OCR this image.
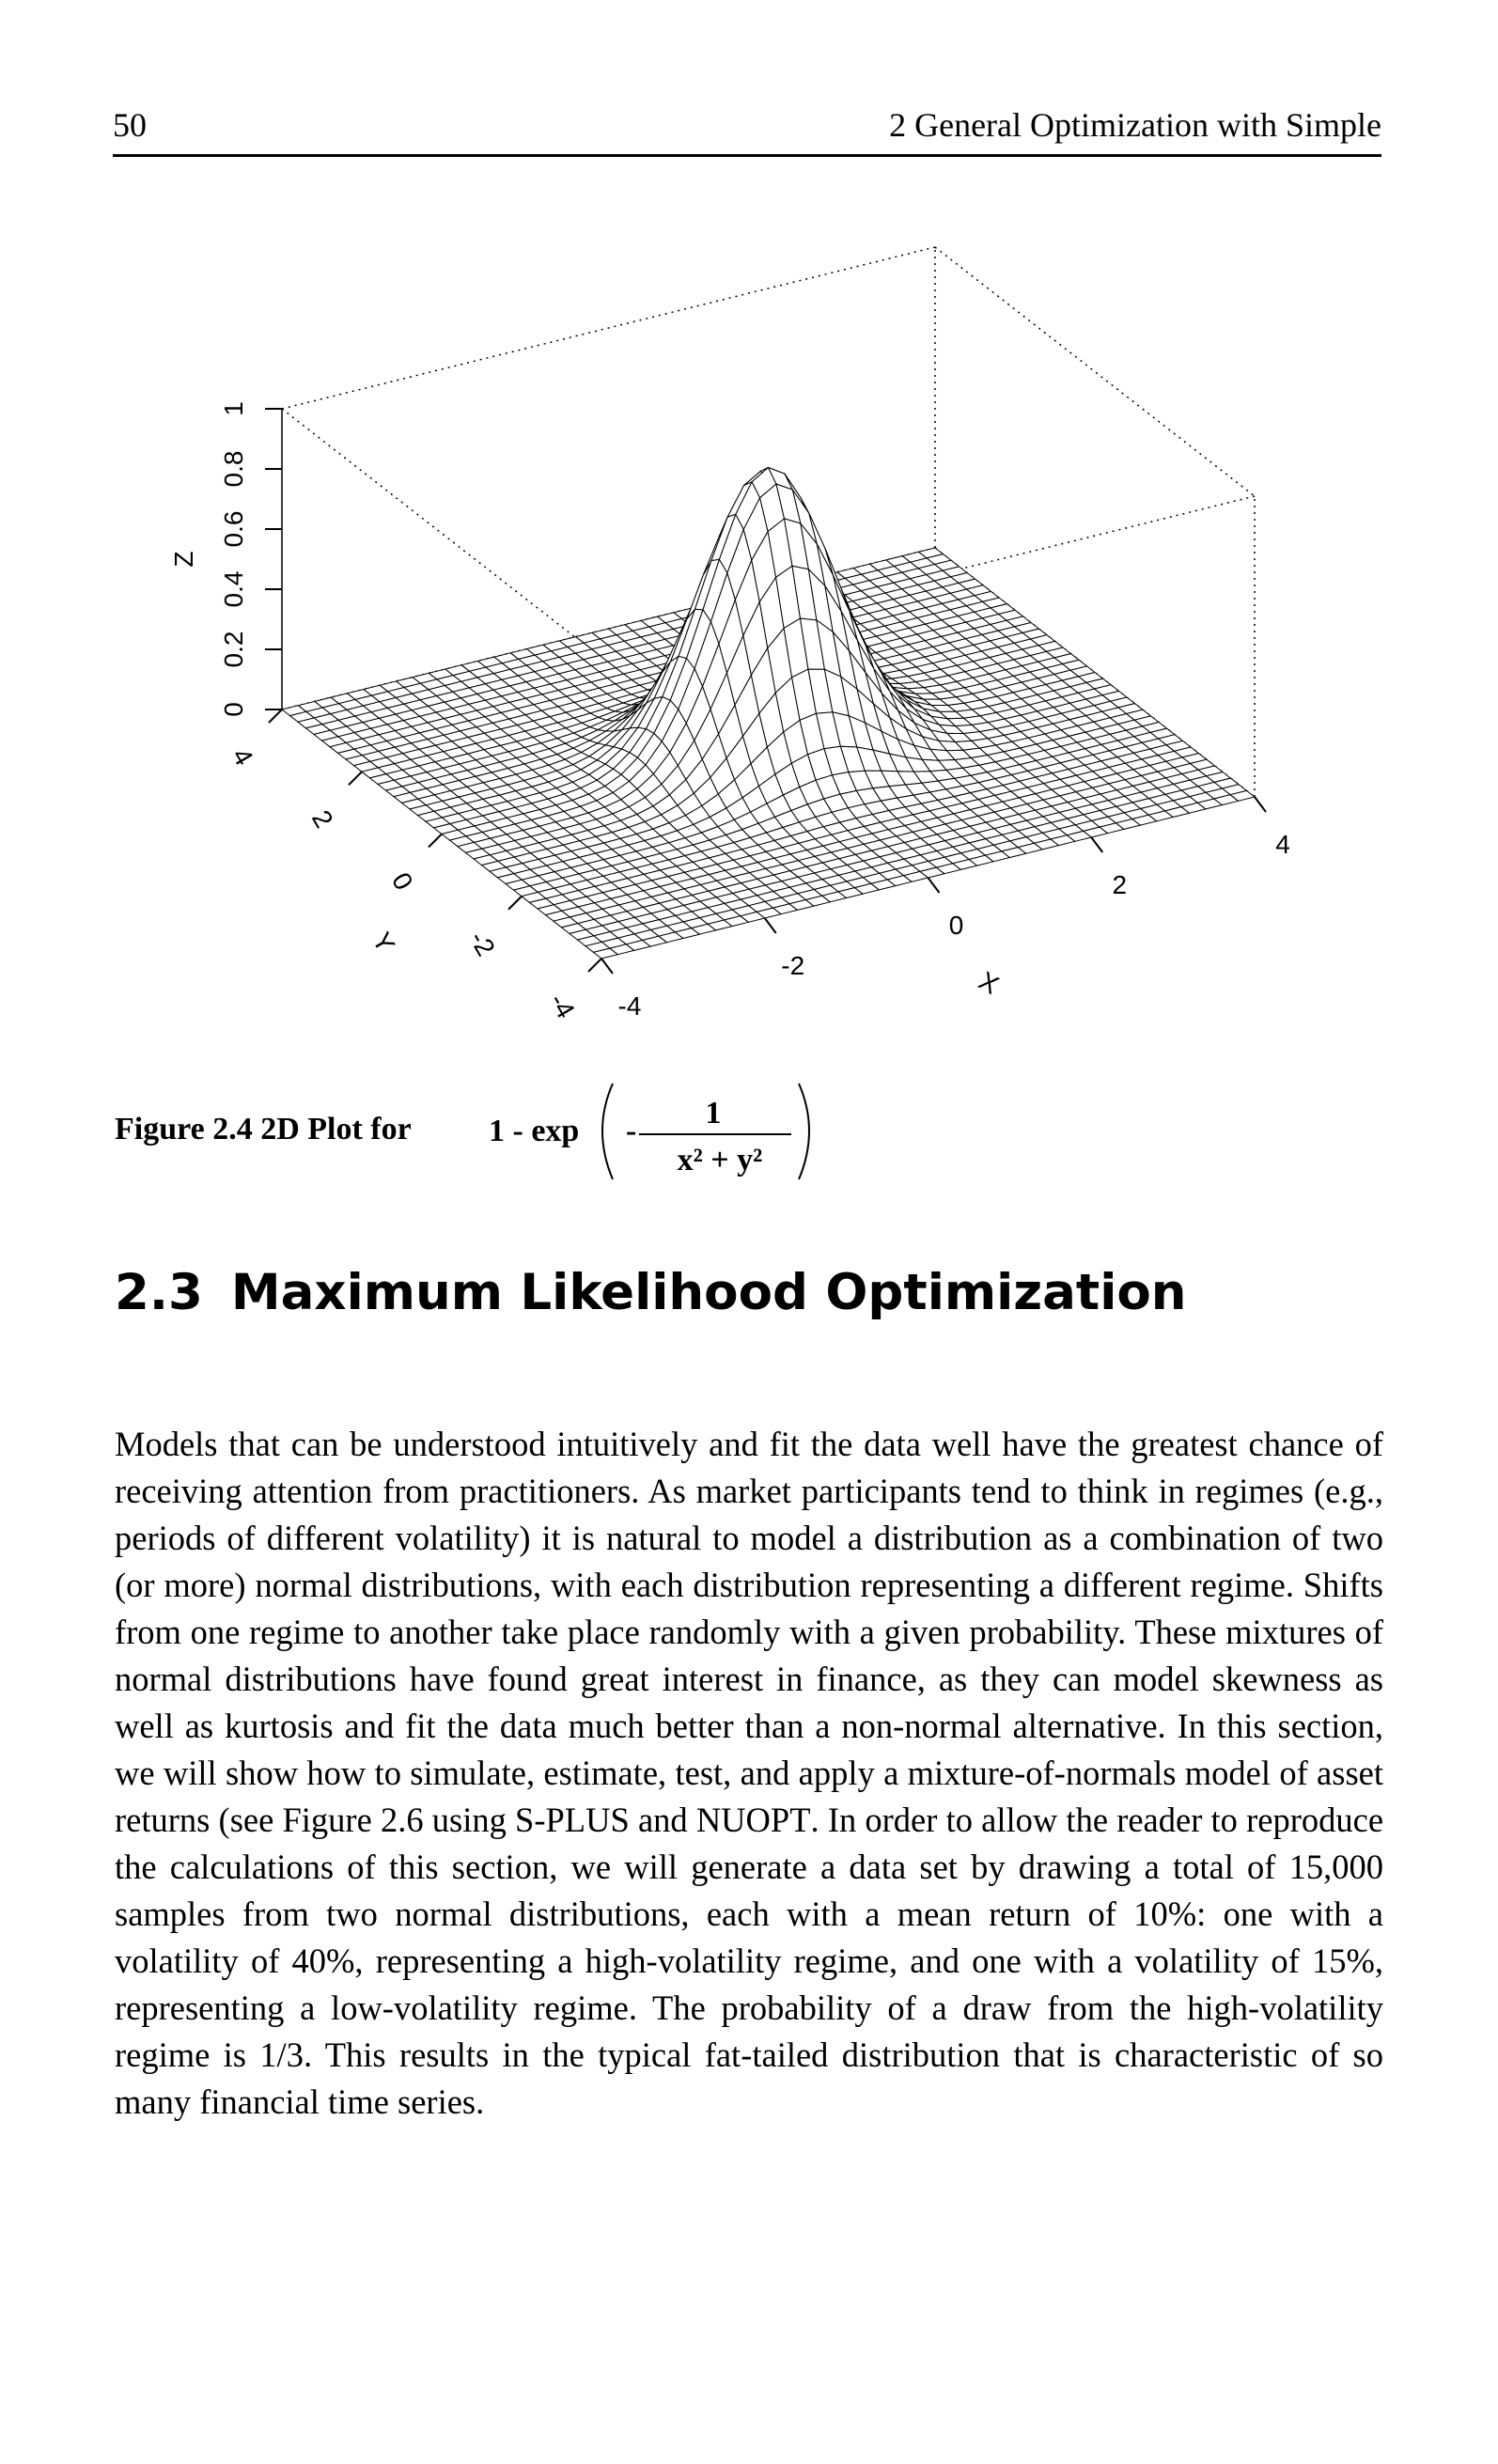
50	2 General Optimization with Simple
0
0.2
0.4
0.6
0.8
1
Z
4
2
0
-2
-4
Y
-4
-2
0
2
4
X
Figure 2.4 2D Plot for 1 - exp -
1
x² + y²
2.3 Maximum Likelihood Optimization
Models that can be understood intuitively and fit the data well have the greatest chance of receiving attention from practitioners. As market participants tend to think in regimes (e.g., periods of different volatility) it is natural to model a distribution as a combination of two (or more) normal distributions, with each distribution representing a different regime. Shifts from one regime to another take place randomly with a given probability. These mixtures of normal distributions have found great interest in finance, as they can model skewness as well as kurtosis and fit the data much better than a non-normal alternative. In this section, we will show how to simulate, estimate, test, and apply a mixture-of-normals model of asset returns (see Figure 2.6 using S-PLUS and NUOPT. In order to allow the reader to reproduce the calculations of this section, we will generate a data set by drawing a total of 15,000 samples from two normal distributions, each with a mean return of 10%: one with a volatility of 40%, representing a high-volatility regime, and one with a volatility of 15%, representing a low-volatility regime. The probability of a draw from the high-volatility regime is 1/3. This results in the typical fat-tailed distribution that is characteristic of so many financial time series.
